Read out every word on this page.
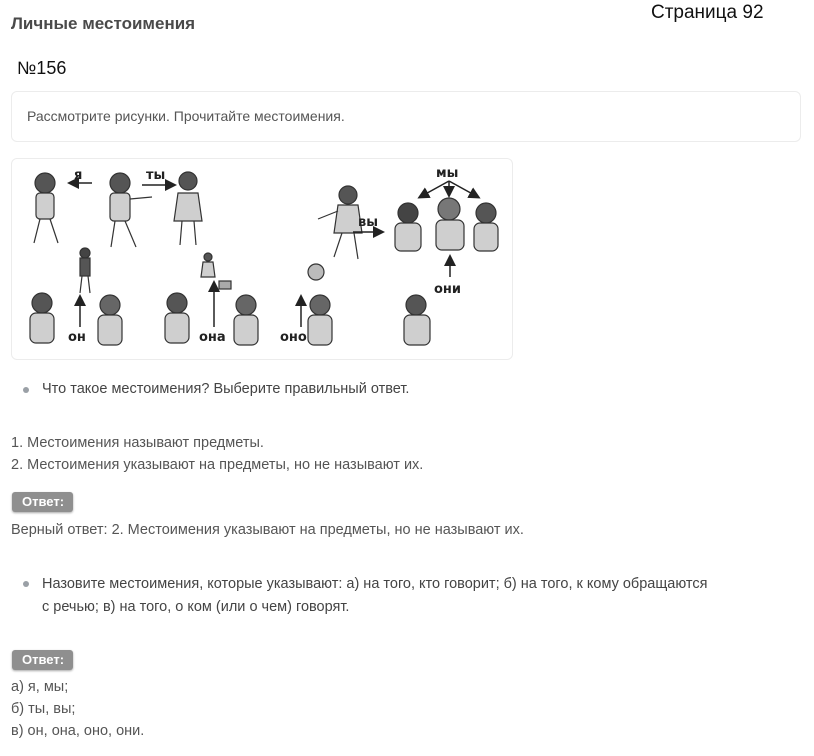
Личные местоимения
Страница 92
№156
Рассмотрите рисунки. Прочитайте местоимения.
я	ты	мы
вы
они
он	она	оно
Что такое местоимения? Выберите правильный ответ.
1. Местоимения называют предметы.
2. Местоимения указывают на предметы, но не называют их.
Ответ:
Верный ответ: 2. Местоимения указывают на предметы, но не называют их.
Назовите местоимения, которые указывают: а) на того, кто говорит; б) на того, к кому обращаются
с речью; в) на того, о ком (или о чем) говорят.
Ответ:
а) я, мы;
б) ты, вы;
в) он, она, оно, они.
